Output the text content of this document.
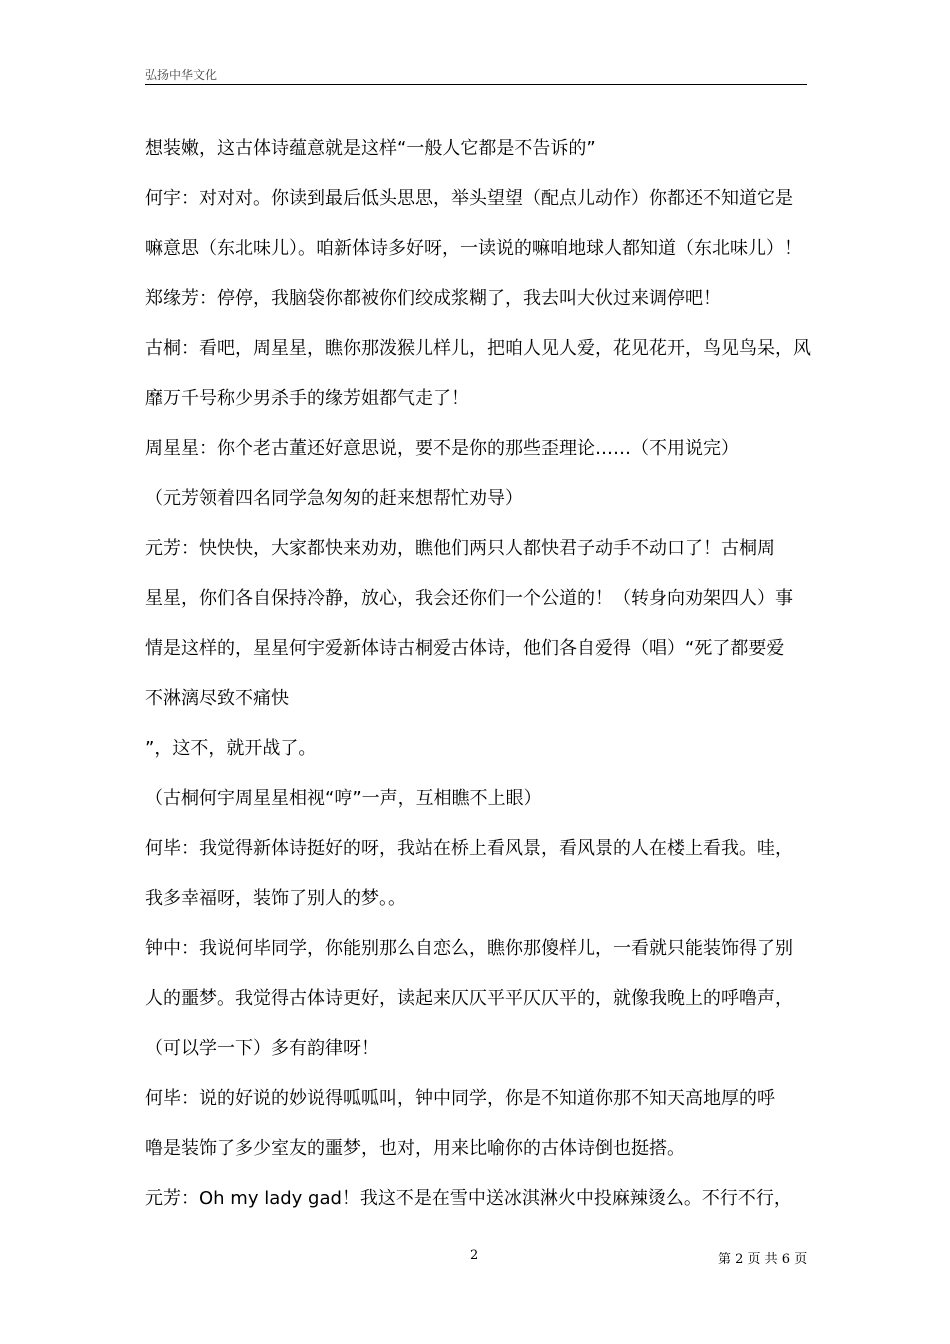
弘扬中华文化
想装嫩，这古体诗蕴意就是这样“一般人它都是不告诉的”
何宇：对对对。你读到最后低头思思，举头望望（配点儿动作）你都还不知道它是
嘛意思（东北味儿）。咱新体诗多好呀，一读说的嘛咱地球人都知道（东北味儿）！
郑缘芳：停停，我脑袋你都被你们绞成浆糊了，我去叫大伙过来调停吧！
古桐：看吧，周星星，瞧你那泼猴儿样儿，把咱人见人爱，花见花开，鸟见鸟呆，风
靡万千号称少男杀手的缘芳姐都气走了！
周星星：你个老古董还好意思说，要不是你的那些歪理论……（不用说完）
（元芳领着四名同学急匆匆的赶来想帮忙劝导）
元芳：快快快，大家都快来劝劝，瞧他们两只人都快君子动手不动口了！古桐周
星星，你们各自保持冷静，放心，我会还你们一个公道的！（转身向劝架四人）事
情是这样的，星星何宇爱新体诗古桐爱古体诗，他们各自爱得（唱）“死了都要爱
不淋漓尽致不痛快
”，这不，就开战了。
（古桐何宇周星星相视“哼”一声，互相瞧不上眼）
何毕：我觉得新体诗挺好的呀，我站在桥上看风景，看风景的人在楼上看我。哇，
我多幸福呀，装饰了别人的梦。。
钟中：我说何毕同学，你能别那么自恋么，瞧你那傻样儿，一看就只能装饰得了别
人的噩梦。我觉得古体诗更好，读起来仄仄平平仄仄平的，就像我晚上的呼噜声，
（可以学一下）多有韵律呀！
何毕：说的好说的妙说得呱呱叫，钟中同学，你是不知道你那不知天高地厚的呼
噜是装饰了多少室友的噩梦，也对，用来比喻你的古体诗倒也挺搭。
元芳：Oh my lady gad！我这不是在雪中送冰淇淋火中投麻辣烫么。不行不行，
2	第 2 页 共 6 页
